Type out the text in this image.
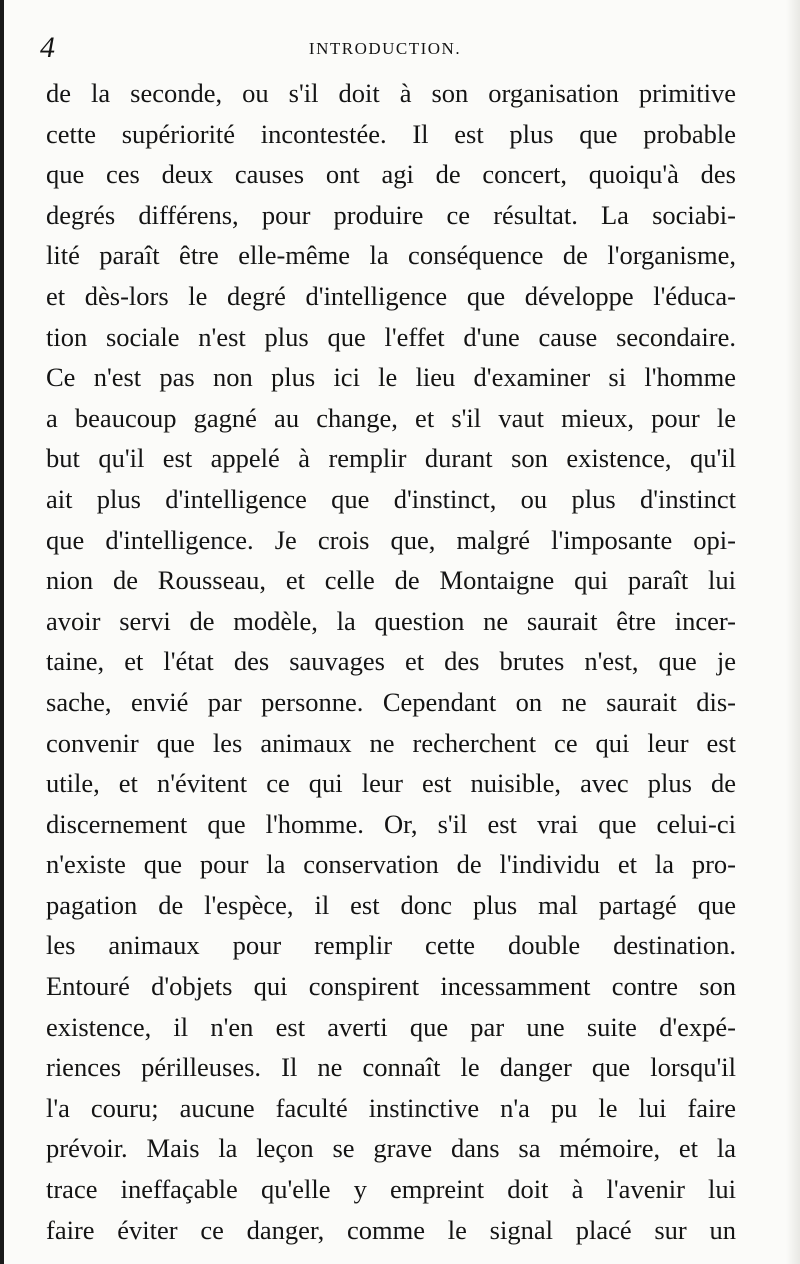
4	INTRODUCTION.
de la seconde, ou s'il doit à son organisation primitive
cette supériorité incontestée. Il est plus que probable
que ces deux causes ont agi de concert, quoiqu'à des
degrés différens, pour produire ce résultat. La sociabi-
lité paraît être elle-même la conséquence de l'organisme,
et dès-lors le degré d'intelligence que développe l'éduca-
tion sociale n'est plus que l'effet d'une cause secondaire.
Ce n'est pas non plus ici le lieu d'examiner si l'homme
a beaucoup gagné au change, et s'il vaut mieux, pour le
but qu'il est appelé à remplir durant son existence, qu'il
ait plus d'intelligence que d'instinct, ou plus d'instinct
que d'intelligence. Je crois que, malgré l'imposante opi-
nion de Rousseau, et celle de Montaigne qui paraît lui
avoir servi de modèle, la question ne saurait être incer-
taine, et l'état des sauvages et des brutes n'est, que je
sache, envié par personne. Cependant on ne saurait dis-
convenir que les animaux ne recherchent ce qui leur est
utile, et n'évitent ce qui leur est nuisible, avec plus de
discernement que l'homme. Or, s'il est vrai que celui-ci
n'existe que pour la conservation de l'individu et la pro-
pagation de l'espèce, il est donc plus mal partagé que
les animaux pour remplir cette double destination.
Entouré d'objets qui conspirent incessamment contre son
existence, il n'en est averti que par une suite d'expé-
riences périlleuses. Il ne connaît le danger que lorsqu'il
l'a couru; aucune faculté instinctive n'a pu le lui faire
prévoir. Mais la leçon se grave dans sa mémoire, et la
trace ineffaçable qu'elle y empreint doit à l'avenir lui
faire éviter ce danger, comme le signal placé sur un
